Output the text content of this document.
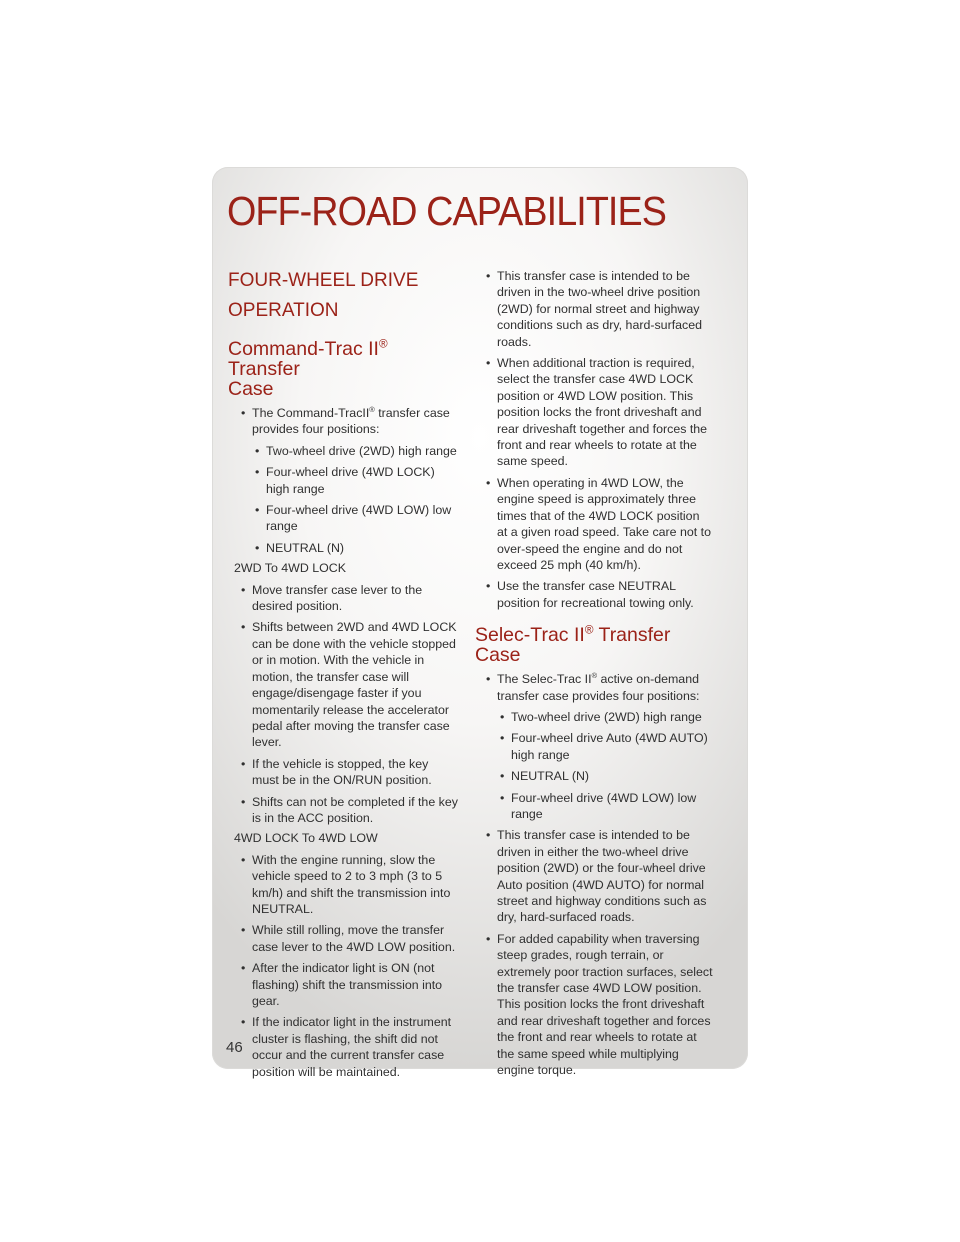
OFF-ROAD CAPABILITIES
FOUR-WHEEL DRIVE
OPERATION
Command-Trac II® Transfer
Case
• The Command-TracII® transfer case provides four positions:
• Two-wheel drive (2WD) high range
• Four-wheel drive (4WD LOCK) high range
• Four-wheel drive (4WD LOW) low range
• NEUTRAL (N)
2WD To 4WD LOCK
• Move transfer case lever to the desired position.
• Shifts between 2WD and 4WD LOCK can be done with the vehicle stopped or in motion. With the vehicle in motion, the transfer case will engage/disengage faster if you momentarily release the accelerator pedal after moving the transfer case lever.
• If the vehicle is stopped, the key must be in the ON/RUN position.
• Shifts can not be completed if the key is in the ACC position.
4WD LOCK To 4WD LOW
• With the engine running, slow the vehicle speed to 2 to 3 mph (3 to 5 km/h) and shift the transmission into NEUTRAL.
• While still rolling, move the transfer case lever to the 4WD LOW position.
• After the indicator light is ON (not flashing) shift the transmission into gear.
• If the indicator light in the instrument cluster is flashing, the shift did not occur and the current transfer case position will be maintained.
• This transfer case is intended to be driven in the two-wheel drive position (2WD) for normal street and highway conditions such as dry, hard-surfaced roads.
• When additional traction is required, select the transfer case 4WD LOCK position or 4WD LOW position. This position locks the front driveshaft and rear driveshaft together and forces the front and rear wheels to rotate at the same speed.
• When operating in 4WD LOW, the engine speed is approximately three times that of the 4WD LOCK position at a given road speed. Take care not to over-speed the engine and do not exceed 25 mph (40 km/h).
• Use the transfer case NEUTRAL position for recreational towing only.
Selec-Trac II® Transfer Case
• The Selec-Trac II® active on-demand transfer case provides four positions:
• Two-wheel drive (2WD) high range
• Four-wheel drive Auto (4WD AUTO) high range
• NEUTRAL (N)
• Four-wheel drive (4WD LOW) low range
• This transfer case is intended to be driven in either the two-wheel drive position (2WD) or the four-wheel drive Auto position (4WD AUTO) for normal street and highway conditions such as dry, hard-surfaced roads.
• For added capability when traversing steep grades, rough terrain, or extremely poor traction surfaces, select the transfer case 4WD LOW position. This position locks the front driveshaft and rear driveshaft together and forces the front and rear wheels to rotate at the same speed while multiplying engine torque.
46
